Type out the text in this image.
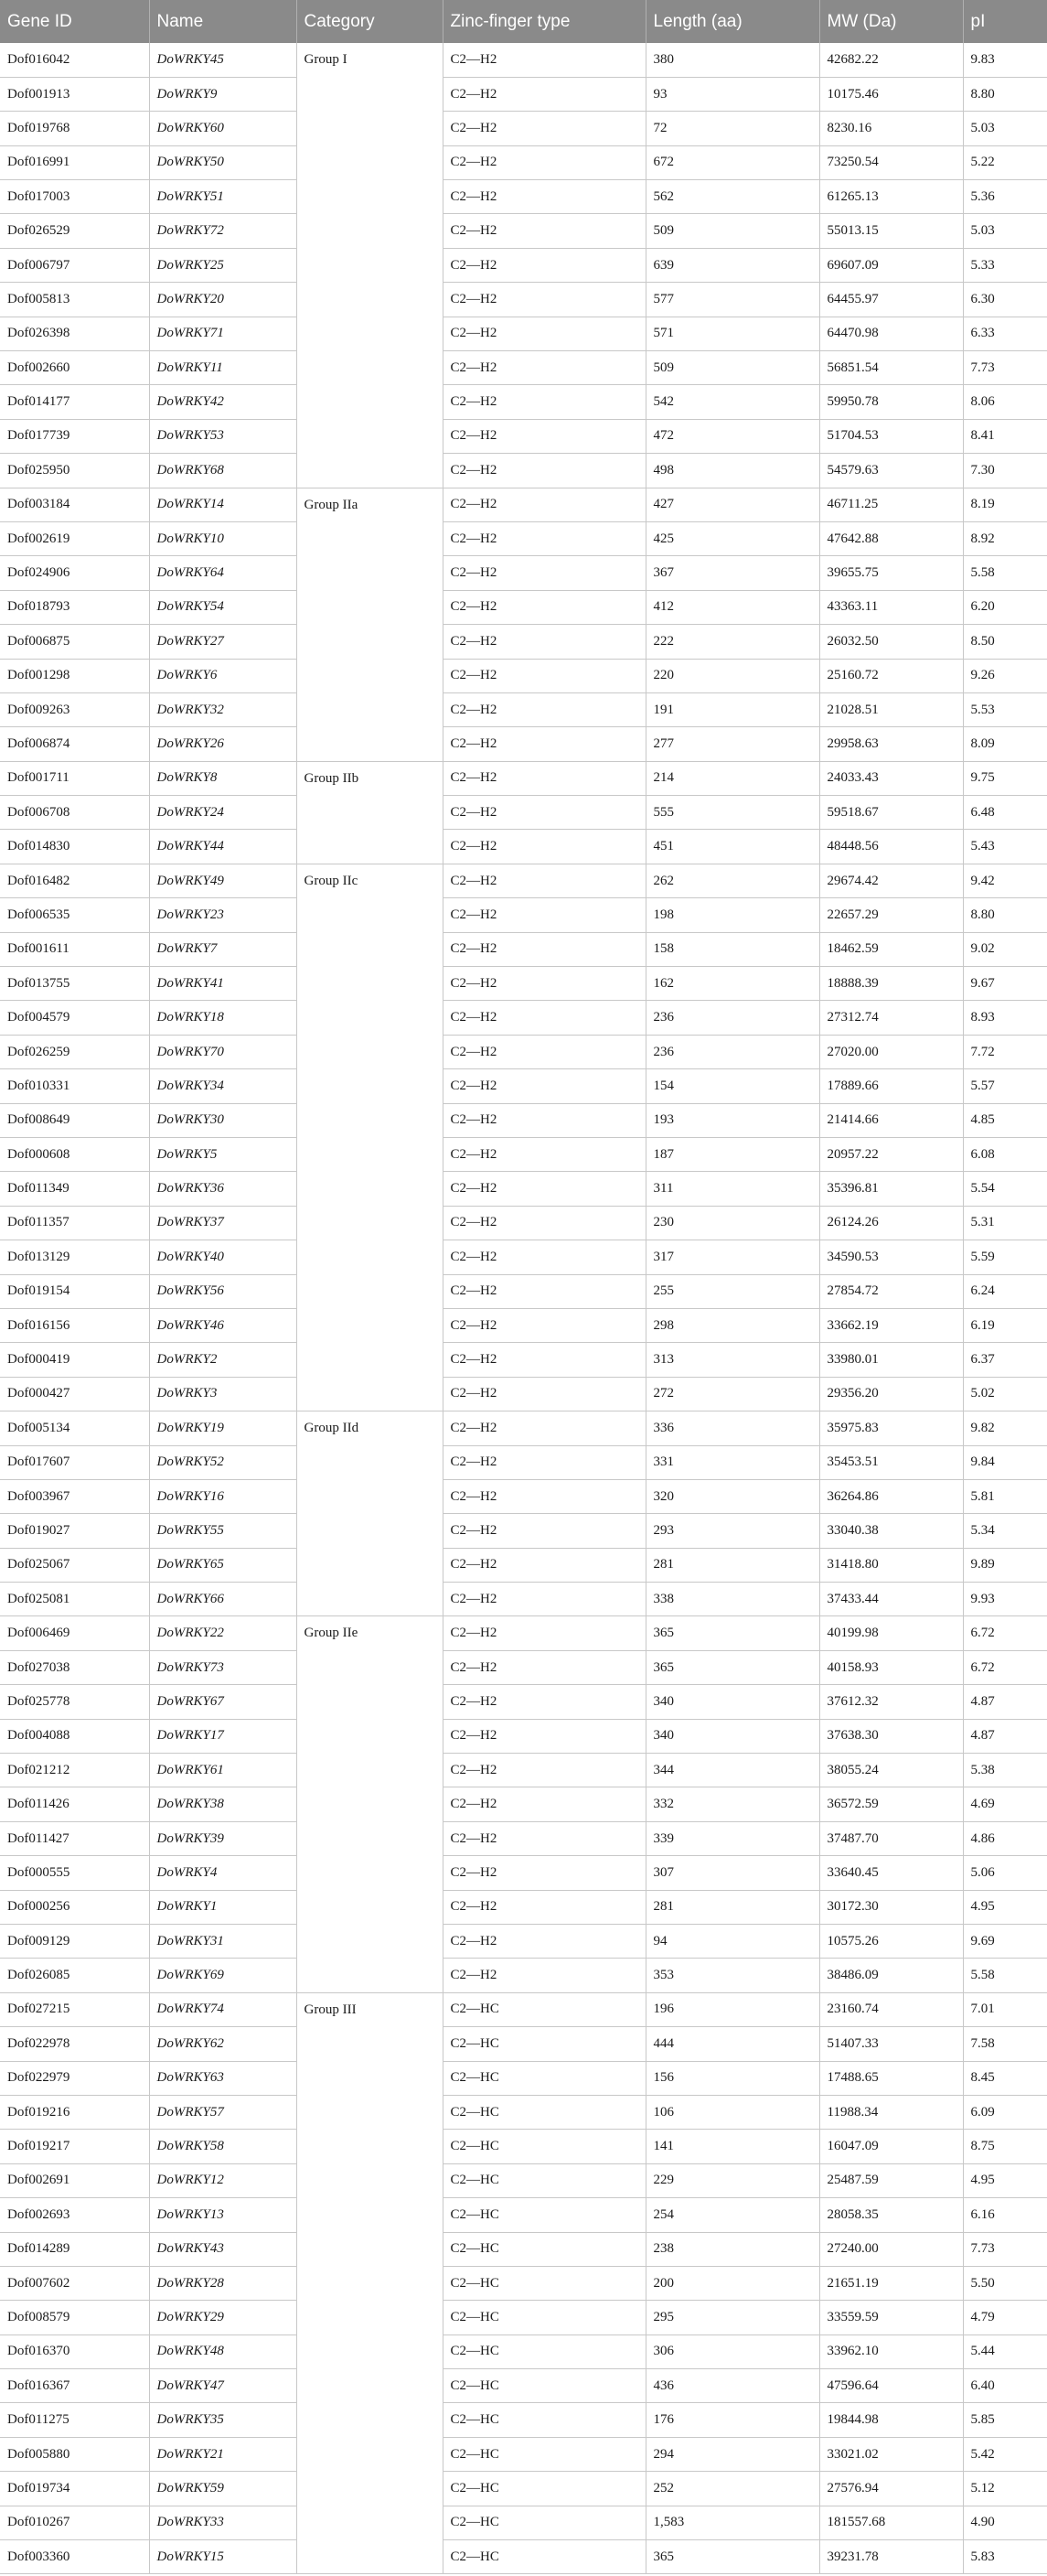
Gene ID	Name	Category	Zinc-finger type	Length (aa)	MW (Da)	pI
Dof016042	DoWRKY45	Group I	C2—H2	380	42682.22	9.83
Dof001913	DoWRKY9		C2—H2	93	10175.46	8.80
Dof019768	DoWRKY60		C2—H2	72	8230.16	5.03
Dof016991	DoWRKY50		C2—H2	672	73250.54	5.22
Dof017003	DoWRKY51		C2—H2	562	61265.13	5.36
Dof026529	DoWRKY72		C2—H2	509	55013.15	5.03
Dof006797	DoWRKY25		C2—H2	639	69607.09	5.33
Dof005813	DoWRKY20		C2—H2	577	64455.97	6.30
Dof026398	DoWRKY71		C2—H2	571	64470.98	6.33
Dof002660	DoWRKY11		C2—H2	509	56851.54	7.73
Dof014177	DoWRKY42		C2—H2	542	59950.78	8.06
Dof017739	DoWRKY53		C2—H2	472	51704.53	8.41
Dof025950	DoWRKY68		C2—H2	498	54579.63	7.30
Dof003184	DoWRKY14	Group IIa	C2—H2	427	46711.25	8.19
Dof002619	DoWRKY10		C2—H2	425	47642.88	8.92
Dof024906	DoWRKY64		C2—H2	367	39655.75	5.58
Dof018793	DoWRKY54		C2—H2	412	43363.11	6.20
Dof006875	DoWRKY27		C2—H2	222	26032.50	8.50
Dof001298	DoWRKY6		C2—H2	220	25160.72	9.26
Dof009263	DoWRKY32		C2—H2	191	21028.51	5.53
Dof006874	DoWRKY26		C2—H2	277	29958.63	8.09
Dof001711	DoWRKY8	Group IIb	C2—H2	214	24033.43	9.75
Dof006708	DoWRKY24		C2—H2	555	59518.67	6.48
Dof014830	DoWRKY44		C2—H2	451	48448.56	5.43
Dof016482	DoWRKY49	Group IIc	C2—H2	262	29674.42	9.42
Dof006535	DoWRKY23		C2—H2	198	22657.29	8.80
Dof001611	DoWRKY7		C2—H2	158	18462.59	9.02
Dof013755	DoWRKY41		C2—H2	162	18888.39	9.67
Dof004579	DoWRKY18		C2—H2	236	27312.74	8.93
Dof026259	DoWRKY70		C2—H2	236	27020.00	7.72
Dof010331	DoWRKY34		C2—H2	154	17889.66	5.57
Dof008649	DoWRKY30		C2—H2	193	21414.66	4.85
Dof000608	DoWRKY5		C2—H2	187	20957.22	6.08
Dof011349	DoWRKY36		C2—H2	311	35396.81	5.54
Dof011357	DoWRKY37		C2—H2	230	26124.26	5.31
Dof013129	DoWRKY40		C2—H2	317	34590.53	5.59
Dof019154	DoWRKY56		C2—H2	255	27854.72	6.24
Dof016156	DoWRKY46		C2—H2	298	33662.19	6.19
Dof000419	DoWRKY2		C2—H2	313	33980.01	6.37
Dof000427	DoWRKY3		C2—H2	272	29356.20	5.02
Dof005134	DoWRKY19	Group IId	C2—H2	336	35975.83	9.82
Dof017607	DoWRKY52		C2—H2	331	35453.51	9.84
Dof003967	DoWRKY16		C2—H2	320	36264.86	5.81
Dof019027	DoWRKY55		C2—H2	293	33040.38	5.34
Dof025067	DoWRKY65		C2—H2	281	31418.80	9.89
Dof025081	DoWRKY66		C2—H2	338	37433.44	9.93
Dof006469	DoWRKY22	Group IIe	C2—H2	365	40199.98	6.72
Dof027038	DoWRKY73		C2—H2	365	40158.93	6.72
Dof025778	DoWRKY67		C2—H2	340	37612.32	4.87
Dof004088	DoWRKY17		C2—H2	340	37638.30	4.87
Dof021212	DoWRKY61		C2—H2	344	38055.24	5.38
Dof011426	DoWRKY38		C2—H2	332	36572.59	4.69
Dof011427	DoWRKY39		C2—H2	339	37487.70	4.86
Dof000555	DoWRKY4		C2—H2	307	33640.45	5.06
Dof000256	DoWRKY1		C2—H2	281	30172.30	4.95
Dof009129	DoWRKY31		C2—H2	94	10575.26	9.69
Dof026085	DoWRKY69		C2—H2	353	38486.09	5.58
Dof027215	DoWRKY74	Group III	C2—HC	196	23160.74	7.01
Dof022978	DoWRKY62		C2—HC	444	51407.33	7.58
Dof022979	DoWRKY63		C2—HC	156	17488.65	8.45
Dof019216	DoWRKY57		C2—HC	106	11988.34	6.09
Dof019217	DoWRKY58		C2—HC	141	16047.09	8.75
Dof002691	DoWRKY12		C2—HC	229	25487.59	4.95
Dof002693	DoWRKY13		C2—HC	254	28058.35	6.16
Dof014289	DoWRKY43		C2—HC	238	27240.00	7.73
Dof007602	DoWRKY28		C2—HC	200	21651.19	5.50
Dof008579	DoWRKY29		C2—HC	295	33559.59	4.79
Dof016370	DoWRKY48		C2—HC	306	33962.10	5.44
Dof016367	DoWRKY47		C2—HC	436	47596.64	6.40
Dof011275	DoWRKY35		C2—HC	176	19844.98	5.85
Dof005880	DoWRKY21		C2—HC	294	33021.02	5.42
Dof019734	DoWRKY59		C2—HC	252	27576.94	5.12
Dof010267	DoWRKY33		C2—HC	1,583	181557.68	4.90
Dof003360	DoWRKY15		C2—HC	365	39231.78	5.83
